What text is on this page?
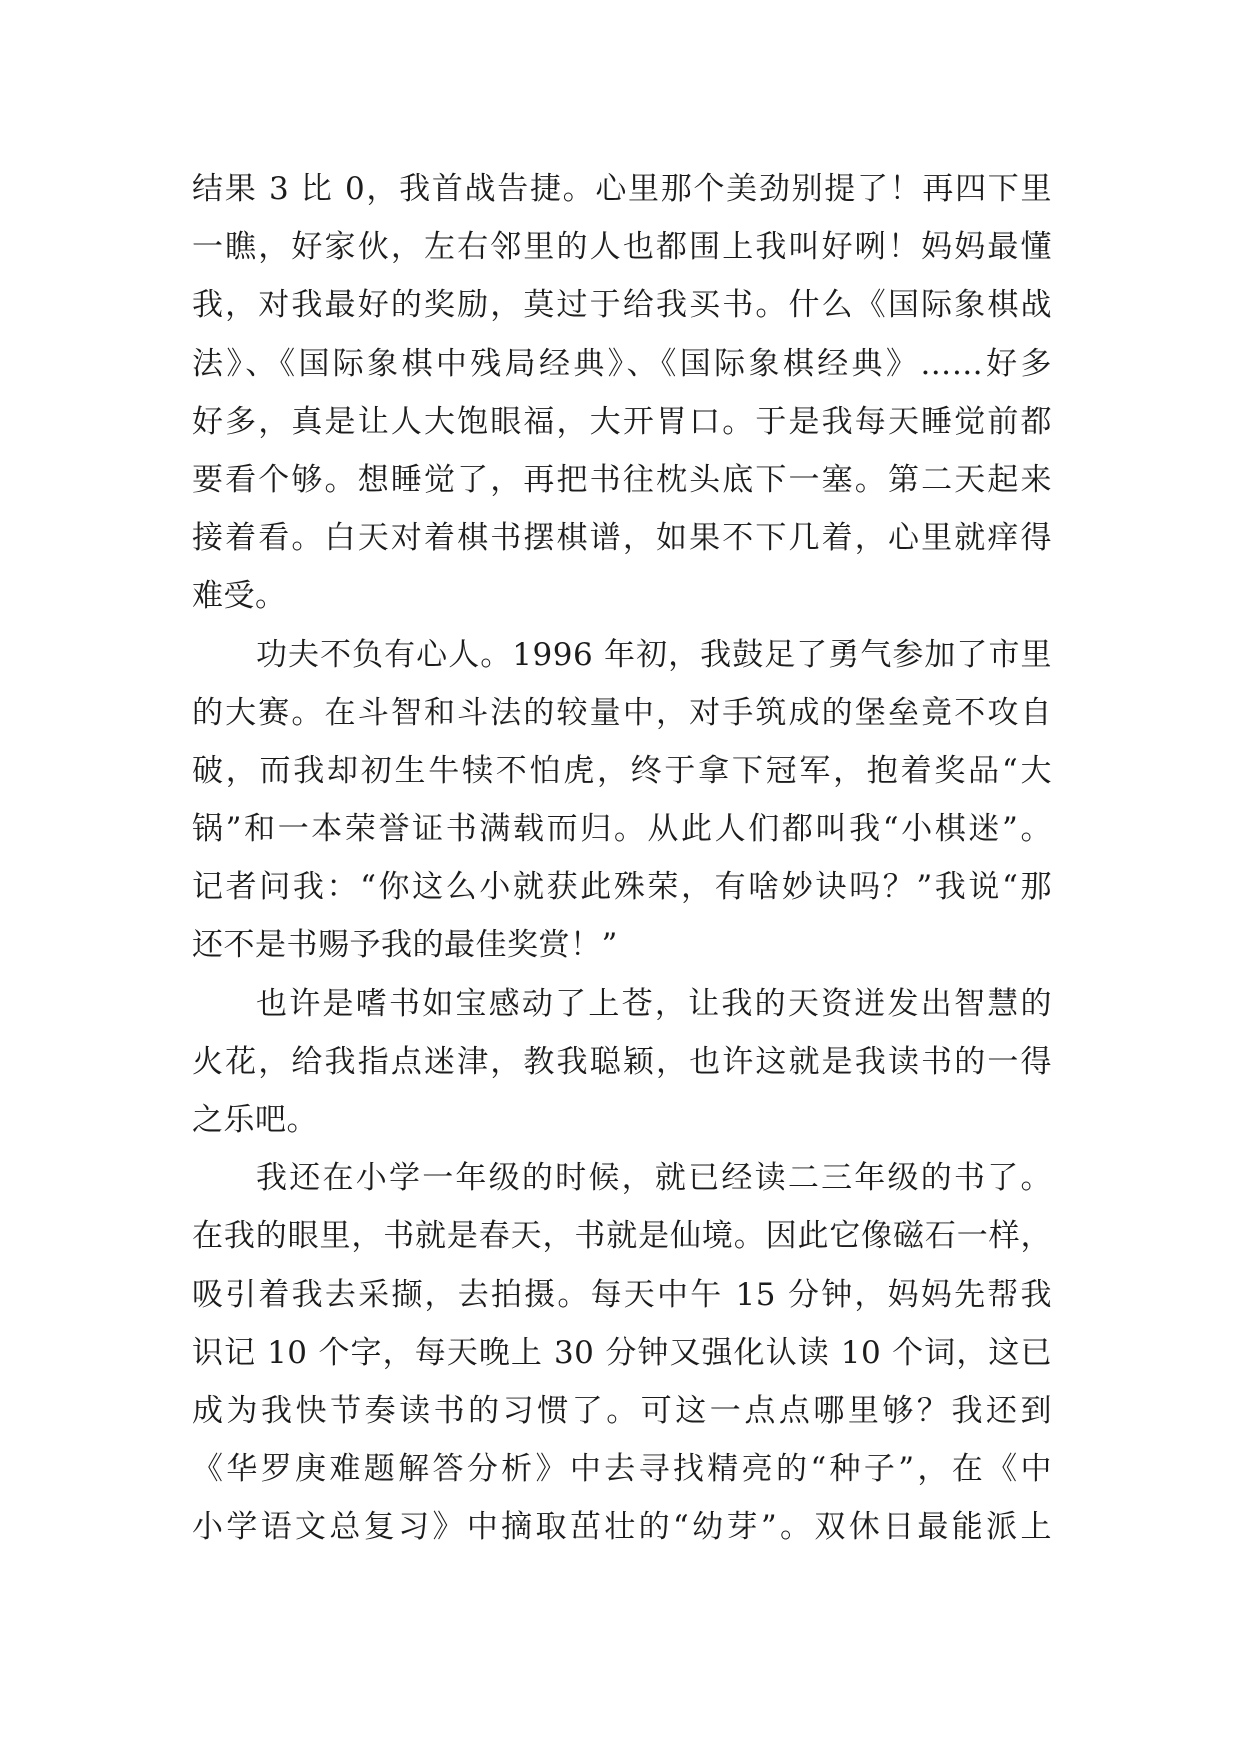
结果 3 比 0，我首战告捷。心里那个美劲别提了！再四下里
一瞧，好家伙，左右邻里的人也都围上我叫好咧！妈妈最懂
我，对我最好的奖励，莫过于给我买书。什么《国际象棋战
法》、《国际象棋中残局经典》、《国际象棋经典》……好多
好多，真是让人大饱眼福，大开胃口。于是我每天睡觉前都
要看个够。想睡觉了，再把书往枕头底下一塞。第二天起来
接着看。白天对着棋书摆棋谱，如果不下几着，心里就痒得
难受。
功夫不负有心人。1996 年初，我鼓足了勇气参加了市里
的大赛。在斗智和斗法的较量中，对手筑成的堡垒竟不攻自
破，而我却初生牛犊不怕虎，终于拿下冠军，抱着奖品“大
锅”和一本荣誉证书满载而归。从此人们都叫我“小棋迷”。
记者问我：“你这么小就获此殊荣，有啥妙诀吗？”我说“那
还不是书赐予我的最佳奖赏！”
也许是嗜书如宝感动了上苍，让我的天资迸发出智慧的
火花，给我指点迷津，教我聪颖，也许这就是我读书的一得
之乐吧。
我还在小学一年级的时候，就已经读二三年级的书了。
在我的眼里，书就是春天，书就是仙境。因此它像磁石一样，
吸引着我去采撷，去拍摄。每天中午 15 分钟，妈妈先帮我
识记 10 个字，每天晚上 30 分钟又强化认读 10 个词，这已
成为我快节奏读书的习惯了。可这一点点哪里够？我还到
《华罗庚难题解答分析》中去寻找精亮的“种子”，在《中
小学语文总复习》中摘取茁壮的“幼芽”。双休日最能派上
